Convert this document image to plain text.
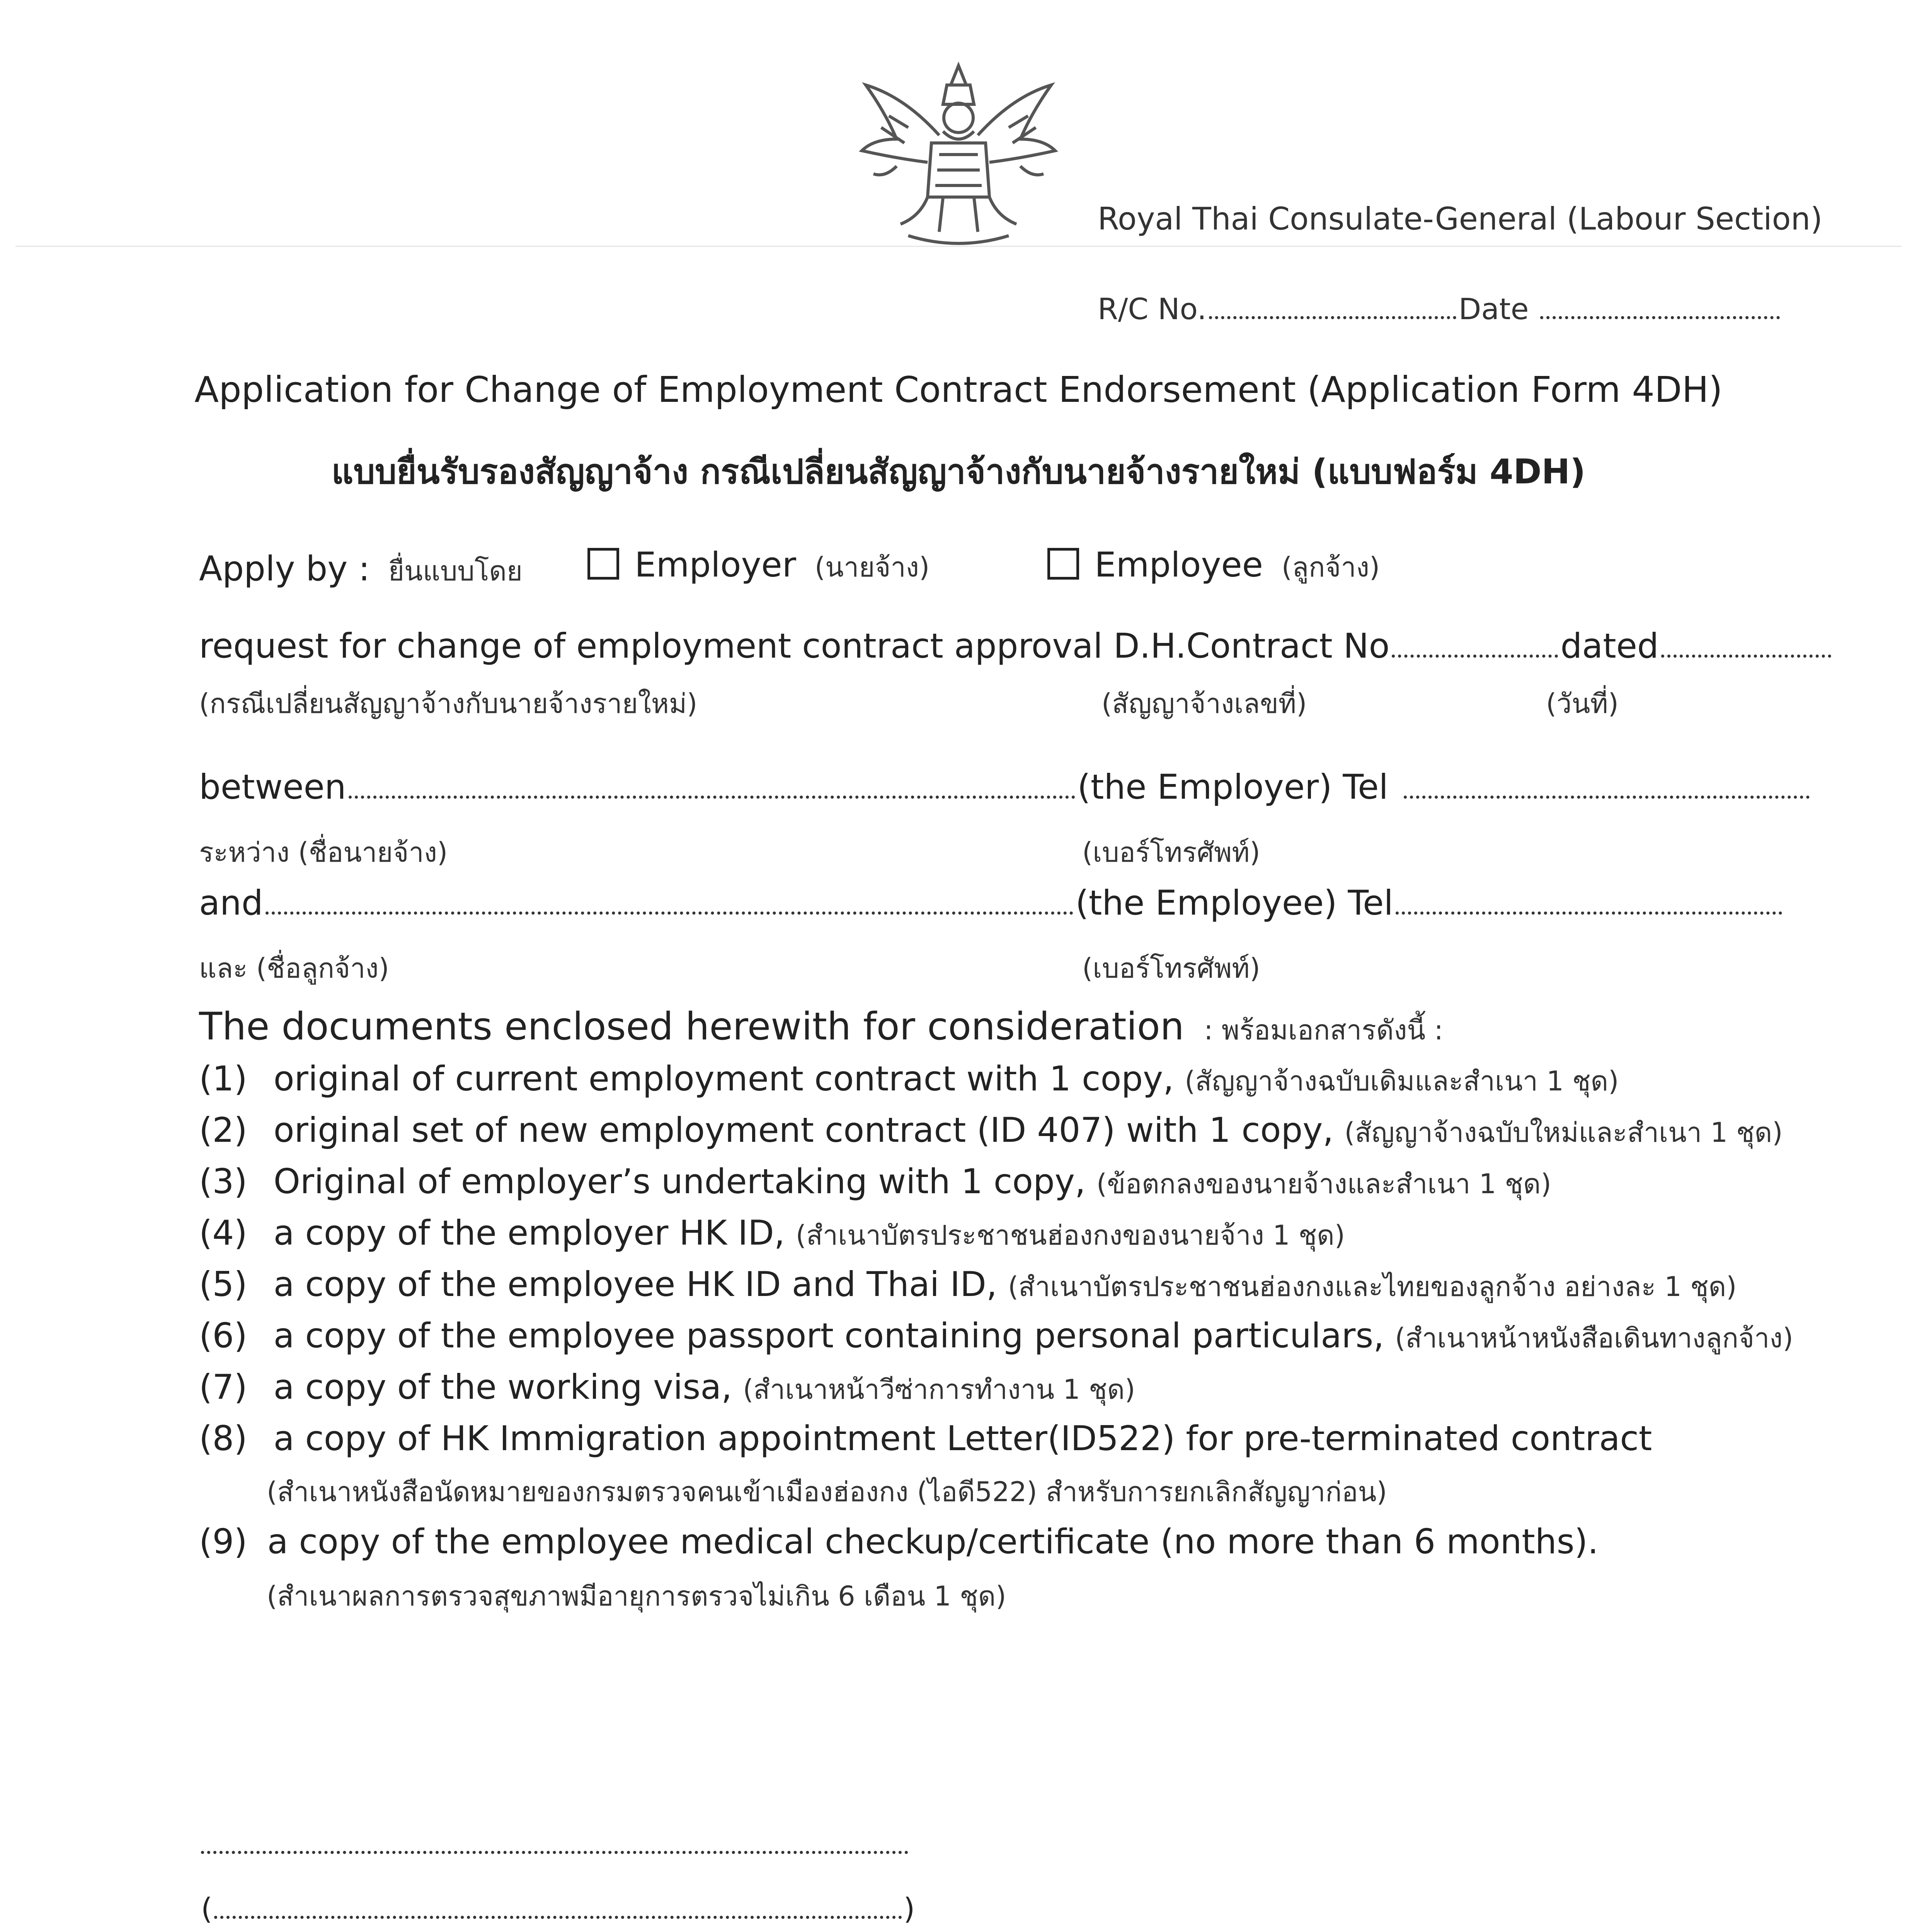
Royal Thai Consulate-General (Labour Section)
R/C No.	Date
Application for Change of Employment Contract Endorsement (Application Form 4DH)
แบบยื่นรับรองสัญญาจ้าง กรณีเปลี่ยนสัญญาจ้างกับนายจ้างรายใหม่ (แบบฟอร์ม 4DH)
Apply by : ยื่นแบบโดย	Employer (นายจ้าง)	Employee (ลูกจ้าง)
request for change of employment contract approval D.H.Contract No	dated
(กรณีเปลี่ยนสัญญาจ้างกับนายจ้างรายใหม่)	(สัญญาจ้างเลขที่)	(วันที่)
between	(the Employer) Tel
ระหว่าง (ชื่อนายจ้าง)	(เบอร์โทรศัพท์)
and	(the Employee) Tel
และ (ชื่อลูกจ้าง)	(เบอร์โทรศัพท์)
The documents enclosed herewith for consideration : พร้อมเอกสารดังนี้ :
(1) original of current employment contract with 1 copy, (สัญญาจ้างฉบับเดิมและสำเนา 1 ชุด)
(2) original set of new employment contract (ID 407) with 1 copy, (สัญญาจ้างฉบับใหม่และสำเนา 1 ชุด)
(3) Original of employer’s undertaking with 1 copy, (ข้อตกลงของนายจ้างและสำเนา 1 ชุด)
(4) a copy of the employer HK ID, (สำเนาบัตรประชาชนฮ่องกงของนายจ้าง 1 ชุด)
(5) a copy of the employee HK ID and Thai ID, (สำเนาบัตรประชาชนฮ่องกงและไทยของลูกจ้าง อย่างละ 1 ชุด)
(6) a copy of the employee passport containing personal particulars, (สำเนาหน้าหนังสือเดินทางลูกจ้าง)
(7) a copy of the working visa, (สำเนาหน้าวีซ่าการทำงาน 1 ชุด)
(8) a copy of HK Immigration appointment Letter(ID522) for pre-terminated contract
(สำเนาหนังสือนัดหมายของกรมตรวจคนเข้าเมืองฮ่องกง (ไอดี522) สำหรับการยกเลิกสัญญาก่อน)
(9) a copy of the employee medical checkup/certificate (no more than 6 months).
(สำเนาผลการตรวจสุขภาพมีอายุการตรวจไม่เกิน 6 เดือน 1 ชุด)
(	)
